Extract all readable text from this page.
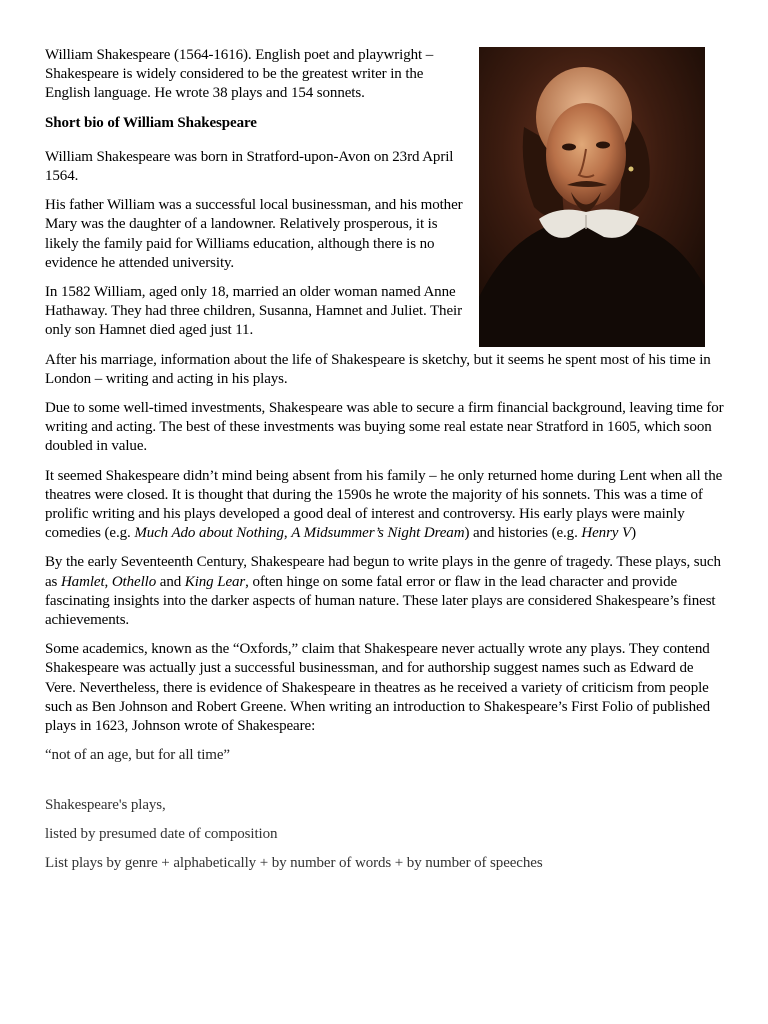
William Shakespeare (1564-1616). English poet and playwright – Shakespeare is widely considered to be the greatest writer in the English language. He wrote 38 plays and 154 sonnets.

Short bio of William Shakespeare

William Shakespeare was born in Stratford-upon-Avon on 23rd April 1564.

His father William was a successful local businessman, and his mother Mary was the daughter of a landowner. Relatively prosperous, it is likely the family paid for Williams education, although there is no evidence he attended university.

In 1582 William, aged only 18, married an older woman named Anne Hathaway. They had three children, Susanna, Hamnet and Juliet. Their only son Hamnet died aged just 11.

After his marriage, information about the life of Shakespeare is sketchy, but it seems he spent most of his time in London – writing and acting in his plays.

Due to some well-timed investments, Shakespeare was able to secure a firm financial background, leaving time for writing and acting. The best of these investments was buying some real estate near Stratford in 1605, which soon doubled in value.

It seemed Shakespeare didn’t mind being absent from his family – he only returned home during Lent when all the theatres were closed. It is thought that during the 1590s he wrote the majority of his sonnets. This was a time of prolific writing and his plays developed a good deal of interest and controversy. His early plays were mainly comedies (e.g. Much Ado about Nothing, A Midsummer’s Night Dream) and histories (e.g. Henry V)

By the early Seventeenth Century, Shakespeare had begun to write plays in the genre of tragedy. These plays, such as Hamlet, Othello and King Lear, often hinge on some fatal error or flaw in the lead character and provide fascinating insights into the darker aspects of human nature. These later plays are considered Shakespeare’s finest achievements.

Some academics, known as the “Oxfords,” claim that Shakespeare never actually wrote any plays. They contend Shakespeare was actually just a successful businessman, and for authorship suggest names such as Edward de Vere. Nevertheless, there is evidence of Shakespeare in theatres as he received a variety of criticism from people such as Ben Johnson and Robert Greene. When writing an introduction to Shakespeare’s First Folio of published plays in 1623, Johnson wrote of Shakespeare:

“not of an age, but for all time”

Shakespeare's plays,

listed by presumed date of composition

List plays by genre + alphabetically + by number of words + by number of speeches
